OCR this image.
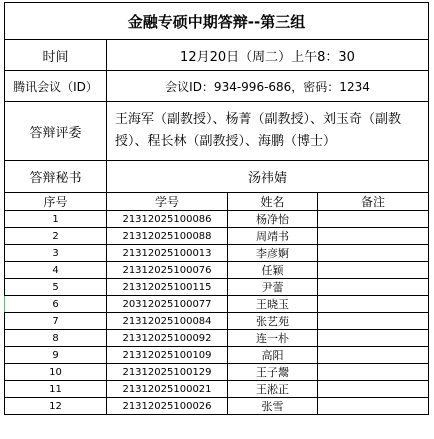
金融专硕中期答辩--第三组			
时间	12月20日（周二）上午8：30		
腾讯会议（ID）	会议ID：934-996-686，密码：1234		
答辩评委	王海军（副教授）、杨菁（副教授）、刘玉奇（副教授）、程长林（副教授）、海鹏（博士）		
答辩秘书	汤祎婧		
序号	学号	姓名	备注
1	21312025100086	杨净怡	
2	21312025100088	周靖书	
3	21312025100013	李彦婀	
4	21312025100076	任颖	
5	21312025100115	尹蕾	
6	20312025100077	王晓玉	
7	21312025100084	张艺苑	
8	21312025100092	连一朴	
9	21312025100109	高阳	
10	21312025100129	王子鬶	
11	21312025100021	王淞正	
12	21312025100026	张雪	
